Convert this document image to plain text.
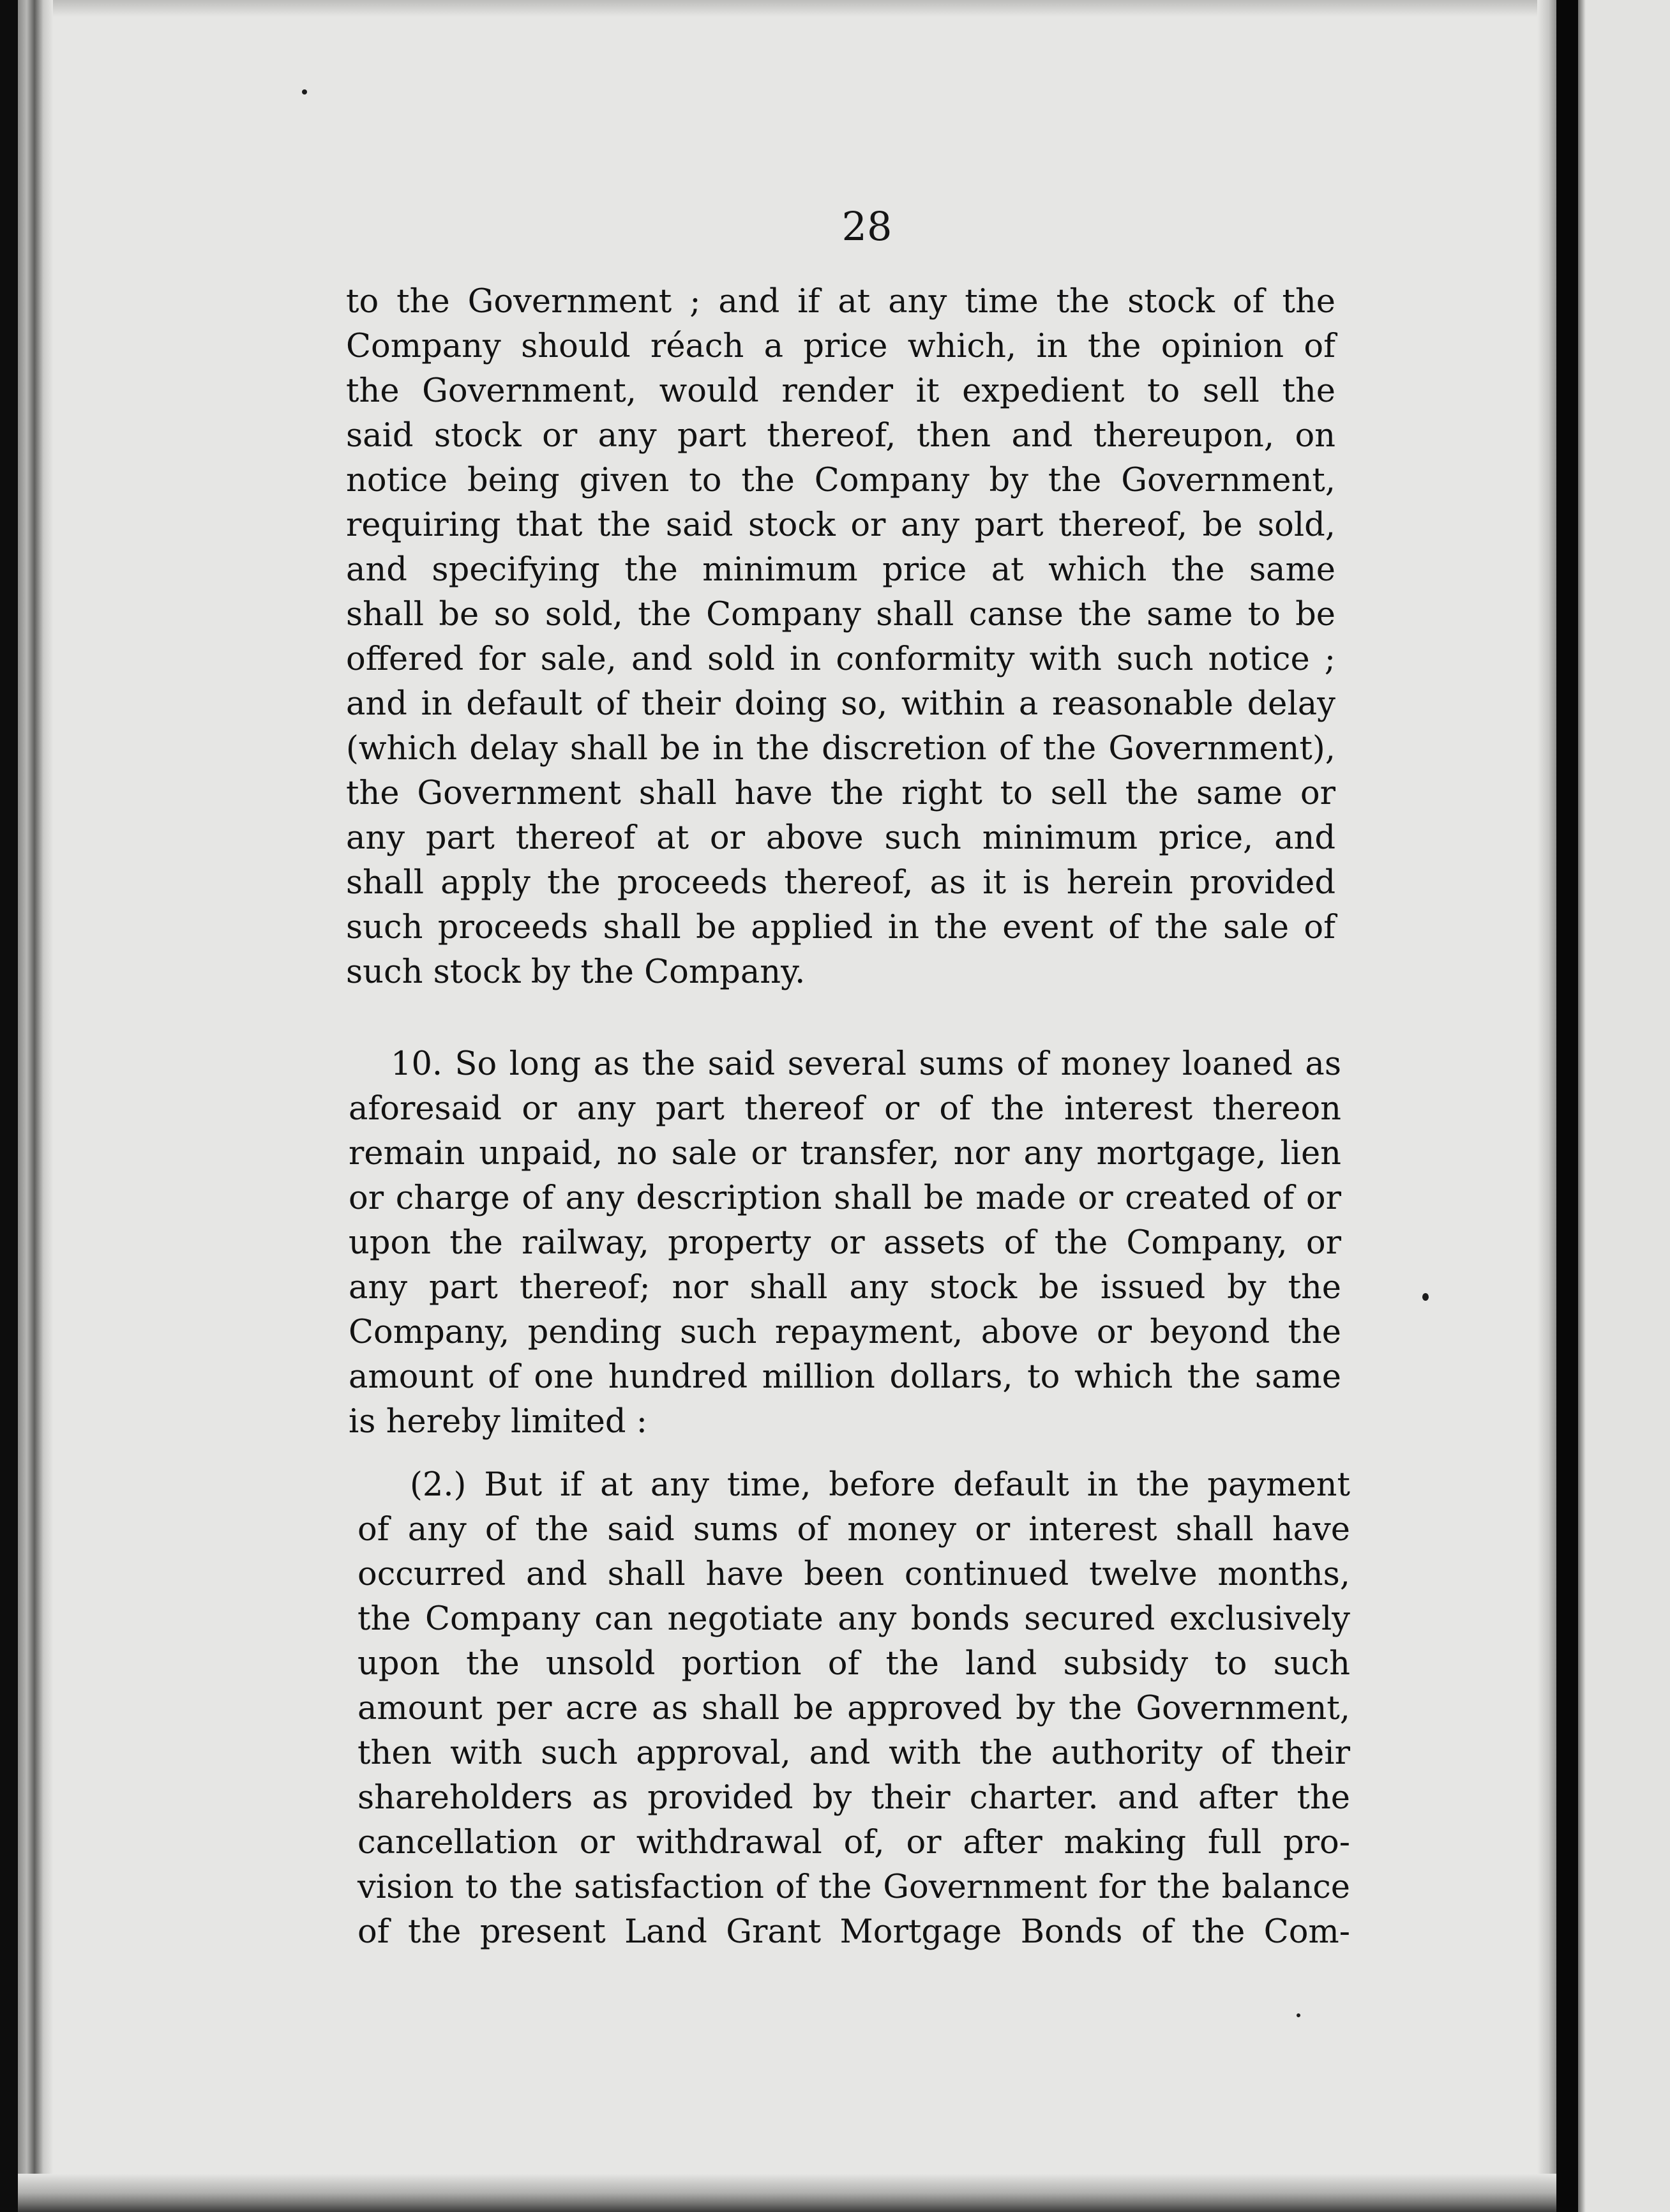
28
to the Government ; and if at any time the stock of the
Company should réach a price which, in the opinion of
the Government, would render it expedient to sell the
said stock or any part thereof, then and thereupon, on
notice being given to the Company by the Government,
requiring that the said stock or any part thereof, be sold,
and specifying the minimum price at which the same
shall be so sold, the Company shall canse the same to be
offered for sale, and sold in conformity with such notice ;
and in default of their doing so, within a reasonable delay
(which delay shall be in the discretion of the Government),
the Government shall have the right to sell the same or
any part thereof at or above such minimum price, and
shall apply the proceeds thereof, as it is herein provided
such proceeds shall be applied in the event of the sale of
such stock by the Company.
10. So long as the said several sums of money loaned as
aforesaid or any part thereof or of the interest thereon
remain unpaid, no sale or transfer, nor any mortgage, lien
or charge of any description shall be made or created of or
upon the railway, property or assets of the Company, or
any part thereof; nor shall any stock be issued by the
Company, pending such repayment, above or beyond the
amount of one hundred million dollars, to which the same
is hereby limited :
(2.) But if at any time, before default in the payment
of any of the said sums of money or interest shall have
occurred and shall have been continued twelve months,
the Company can negotiate any bonds secured exclusively
upon the unsold portion of the land subsidy to such
amount per acre as shall be approved by the Government,
then with such approval, and with the authority of their
shareholders as provided by their charter. and after the
cancellation or withdrawal of, or after making full pro-
vision to the satisfaction of the Government for the balance
of the present Land Grant Mortgage Bonds of the Com-
